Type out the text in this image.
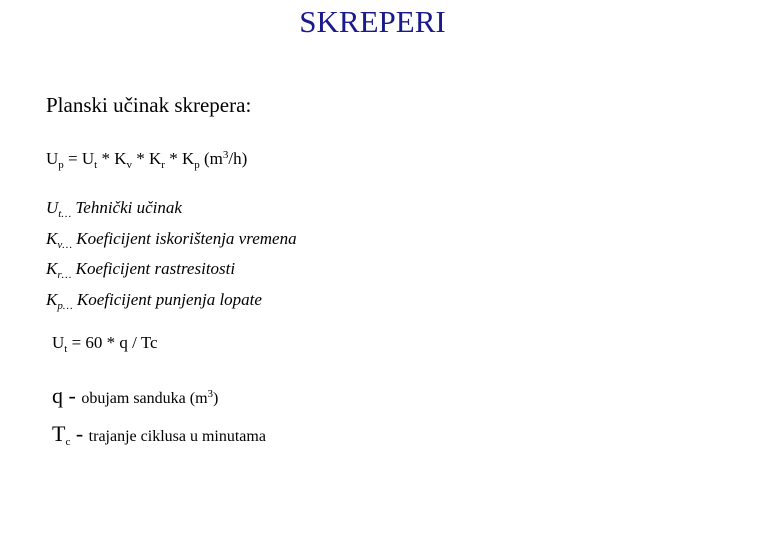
SKREPERI
Planski učinak skrepera:
$U_p = U_t * K_v * K_r * K_p$ $(m^3/h)$
$U_{t\dots}$ Tehnički učinak
$K_{v\dots}$ Koeficijent iskorištenja vremena
$K_{r\dots}$ Koeficijent rastresitosti
$K_{p\dots}$ Koeficijent punjenja lopate
$U_t = 60 * q / Tc$
q - obujam sanduka $(m^3)$
$T_c$ - trajanje ciklusa u minutama
